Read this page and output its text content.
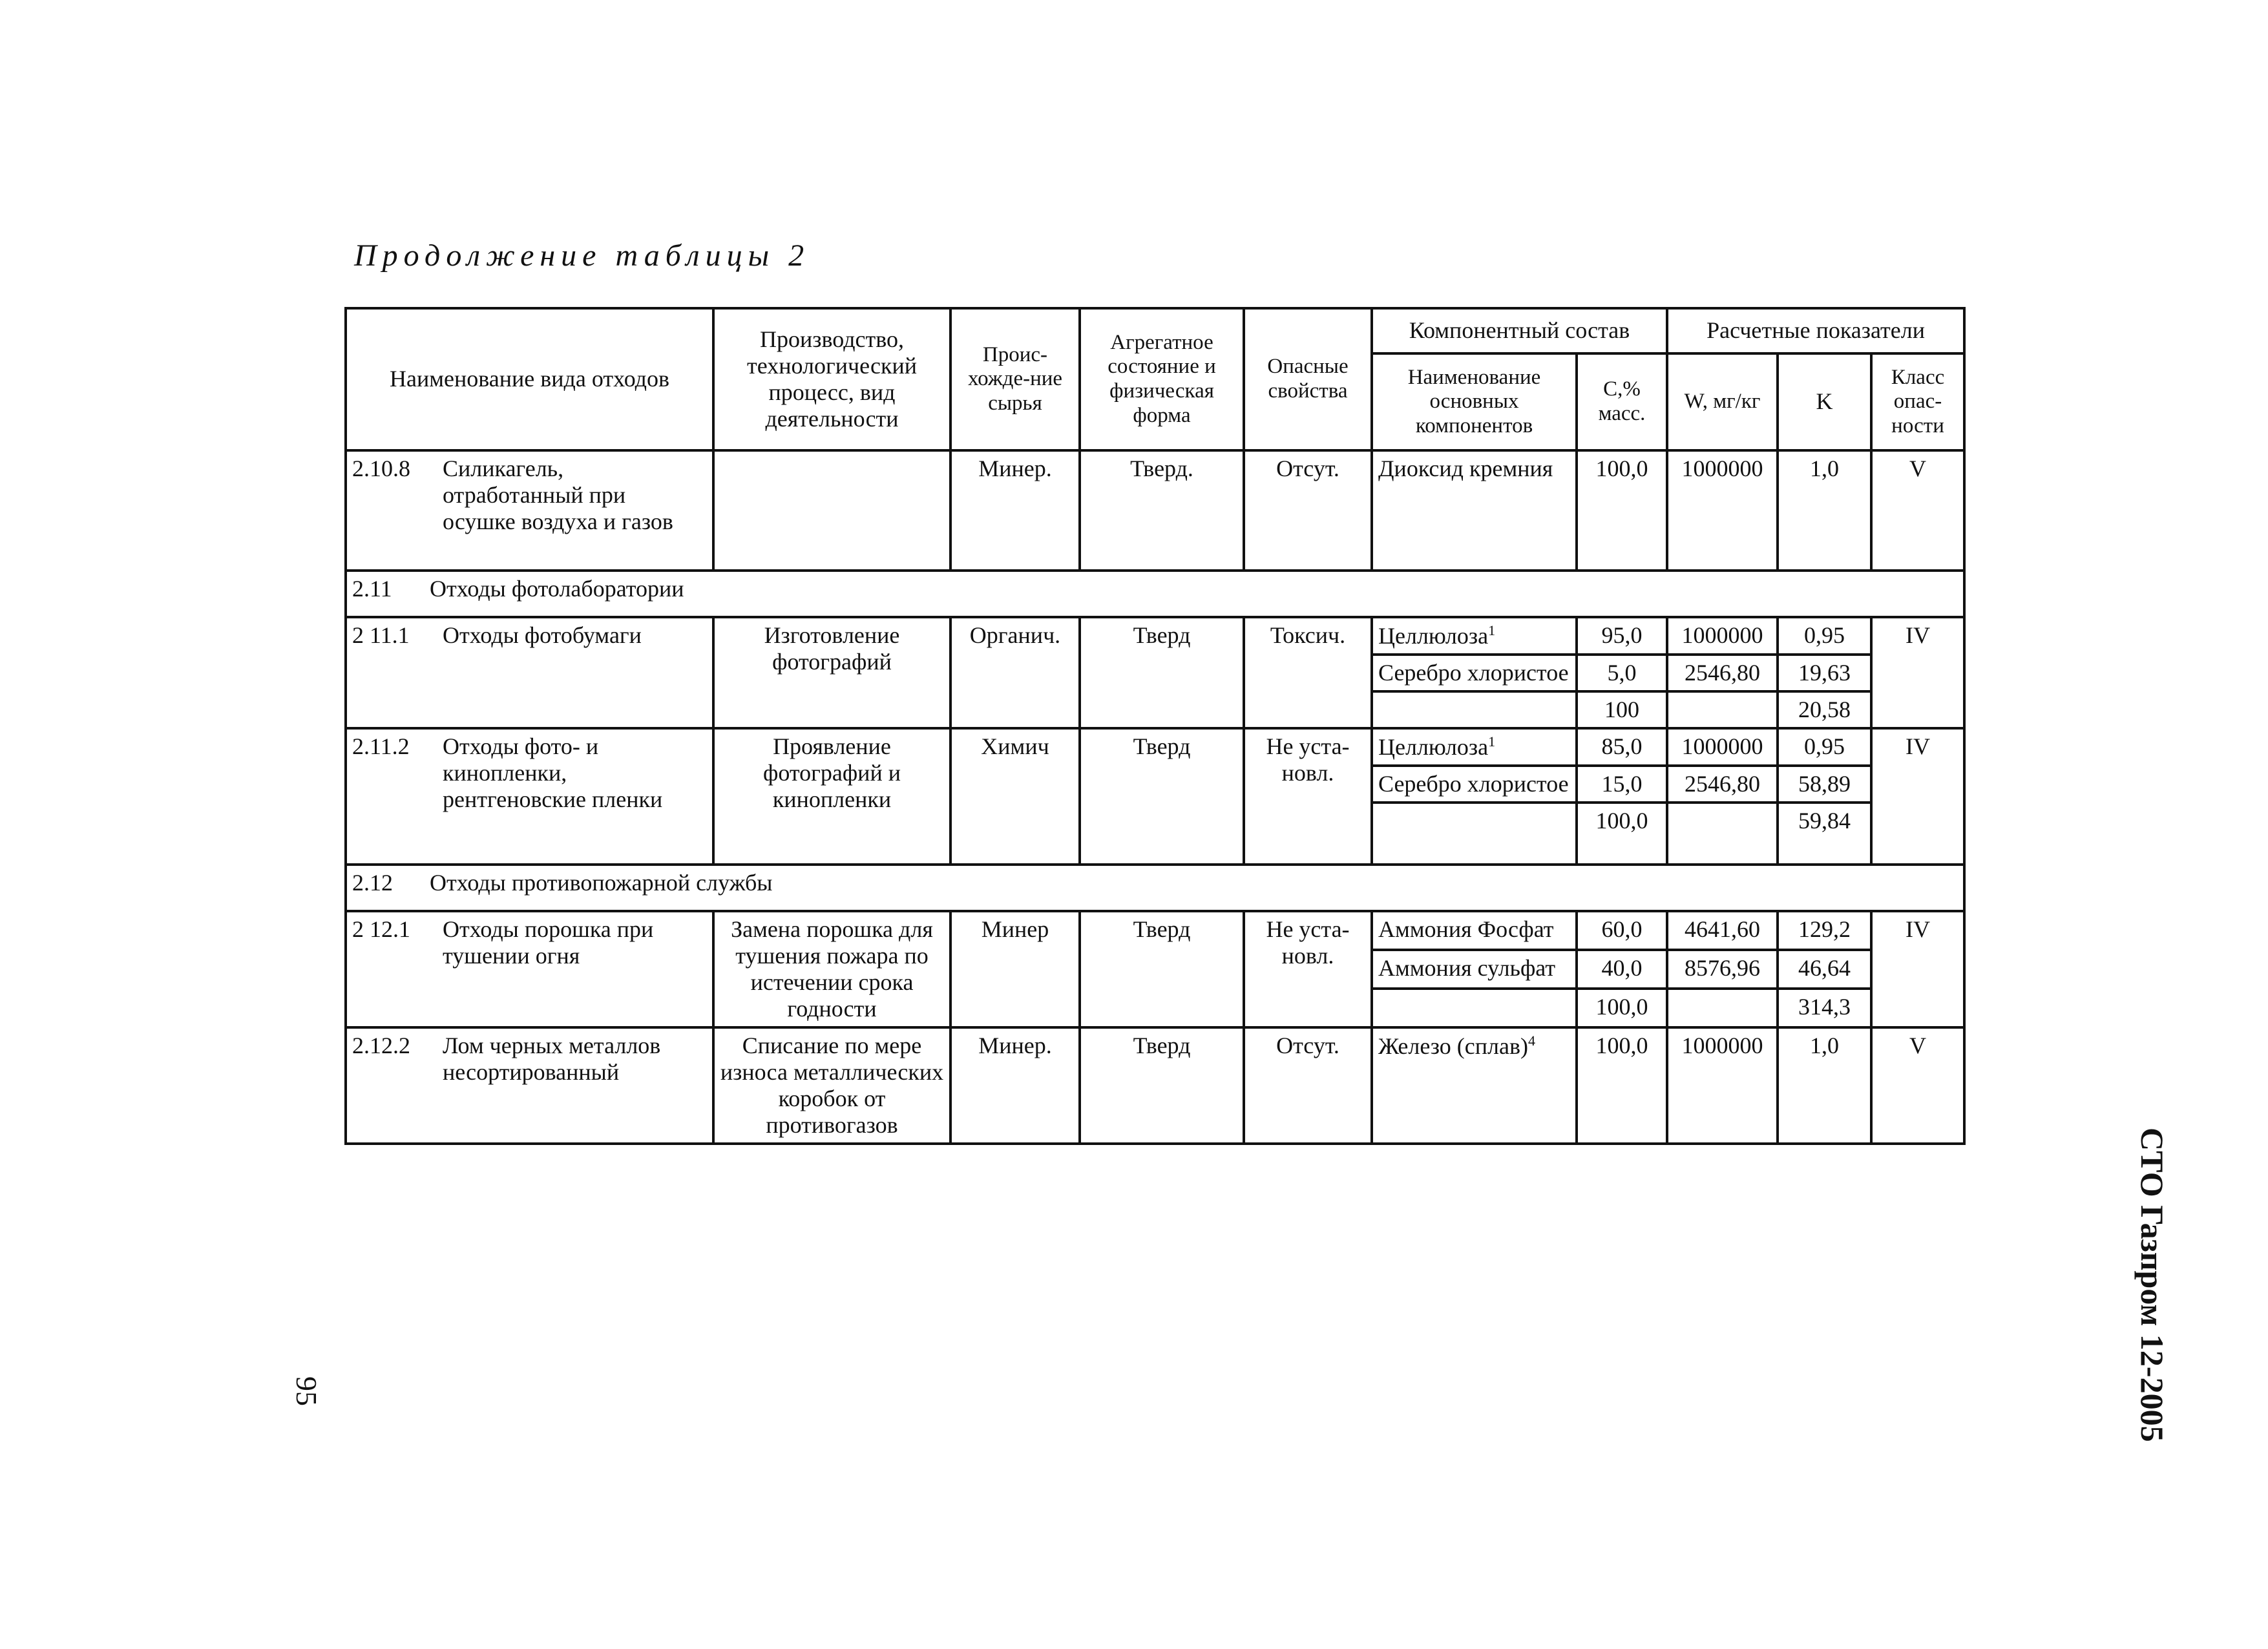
Продолжение таблицы 2
Наименование вида отходов	Производство, технологический процесс, вид деятельности	Проис-хожде-ние сырья	Агрегатное состояние и физическая форма	Опасные свойства	Компонентный состав		Расчетные показатели		
					Наименование основных компонентов	С,% масс.	W, мг/кг	K	Класс опас-ности
2.10.8 Силикагель, отработанный при осушке воздуха и газов		Минер.	Тверд.	Отсут.	Диоксид кремния	100,0	1000000	1,0	V
2.11 Отходы фотолаборатории									
2 11.1 Отходы фотобумаги	Изготовление фотографий	Органич.	Тверд	Токсич.	Целлюлоза$^1$	95,0	1000000	0,95	IV
					Серебро хлористое	5,0	2546,80	19,63	
						100		20,58	
2.11.2 Отходы фото- и кинопленки, рентгеновские пленки	Проявление фотографий и кинопленки	Химич	Тверд	Не уста-новл.	Целлюлоза$^1$	85,0	1000000	0,95	IV
					Серебро хлористое	15,0	2546,80	58,89	
						100,0		59,84	
2.12 Отходы противопожарной службы									
2 12.1 Отходы порошка при тушении огня	Замена порошка для тушения пожара по истечении срока годности	Минер	Тверд	Не уста-новл.	Аммония Фосфат	60,0	4641,60	129,2	IV
					Аммония сульфат	40,0	8576,96	46,64	
						100,0		314,3	
2.12.2 Лом черных металлов несортированный	Списание по мере износа металлических коробок от противогазов	Минер.	Тверд	Отсут.	Железо (сплав)$^4$	100,0	1000000	1,0	V
95	СТО Газпром 12-2005
